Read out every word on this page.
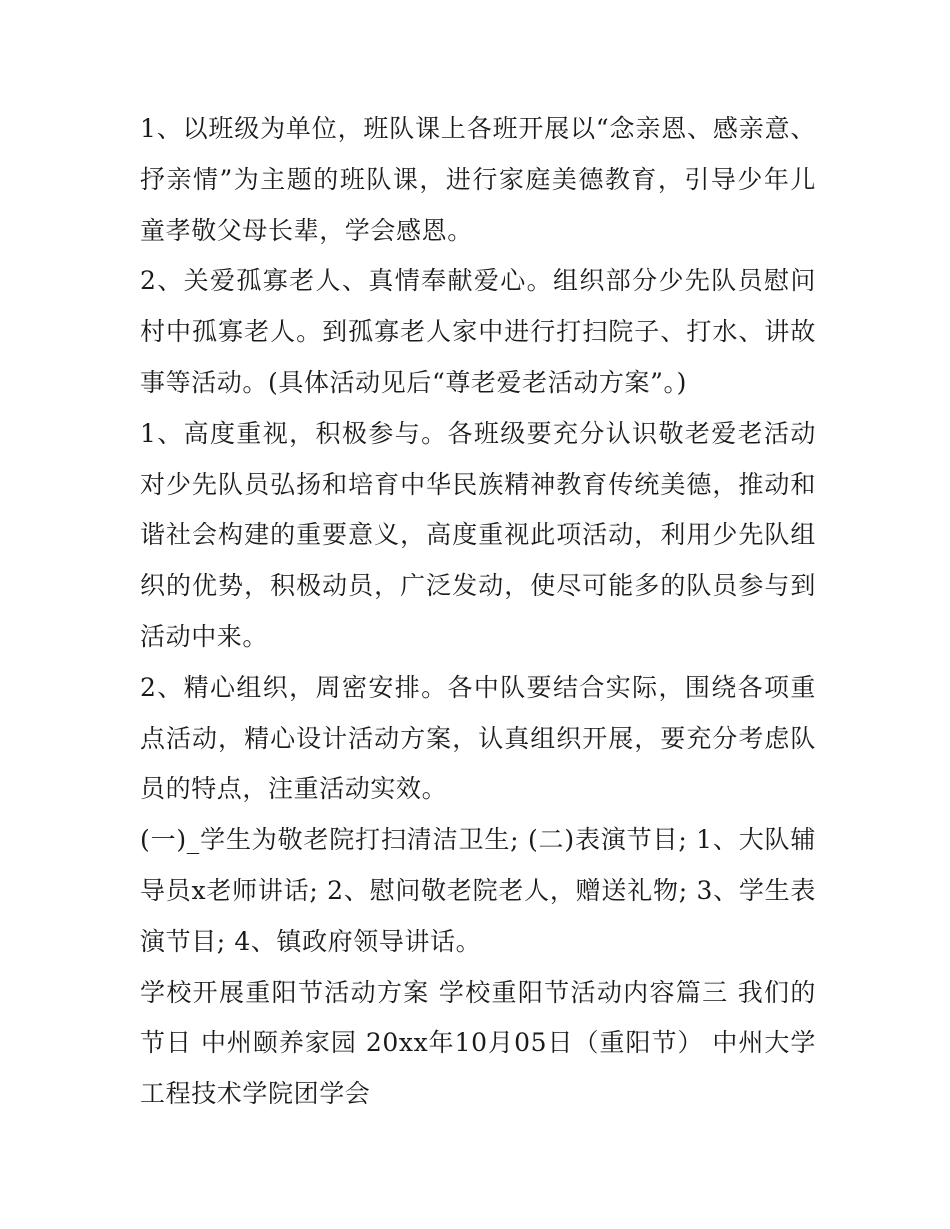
1、以班级为单位，班队课上各班开展以“念亲恩、感亲意、抒亲情”为主题的班队课，进行家庭美德教育，引导少年儿童孝敬父母长辈，学会感恩。

2、关爱孤寡老人、真情奉献爱心。组织部分少先队员慰问村中孤寡老人。到孤寡老人家中进行打扫院子、打水、讲故事等活动。(具体活动见后“尊老爱老活动方案”。)

1、高度重视，积极参与。各班级要充分认识敬老爱老活动对少先队员弘扬和培育中华民族精神教育传统美德，推动和谐社会构建的重要意义，高度重视此项活动，利用少先队组织的优势，积极动员，广泛发动，使尽可能多的队员参与到活动中来。

2、精心组织，周密安排。各中队要结合实际，围绕各项重点活动，精心设计活动方案，认真组织开展，要充分考虑队员的特点，注重活动实效。

(一)_学生为敬老院打扫清洁卫生; (二)表演节目; 1、大队辅导员x老师讲话; 2、慰问敬老院老人，赠送礼物; 3、学生表演节目; 4、镇政府领导讲话。

学校开展重阳节活动方案 学校重阳节活动内容篇三 我们的节日 中州颐养家园 20xx年10月05日（重阳节） 中州大学工程技术学院团学会
